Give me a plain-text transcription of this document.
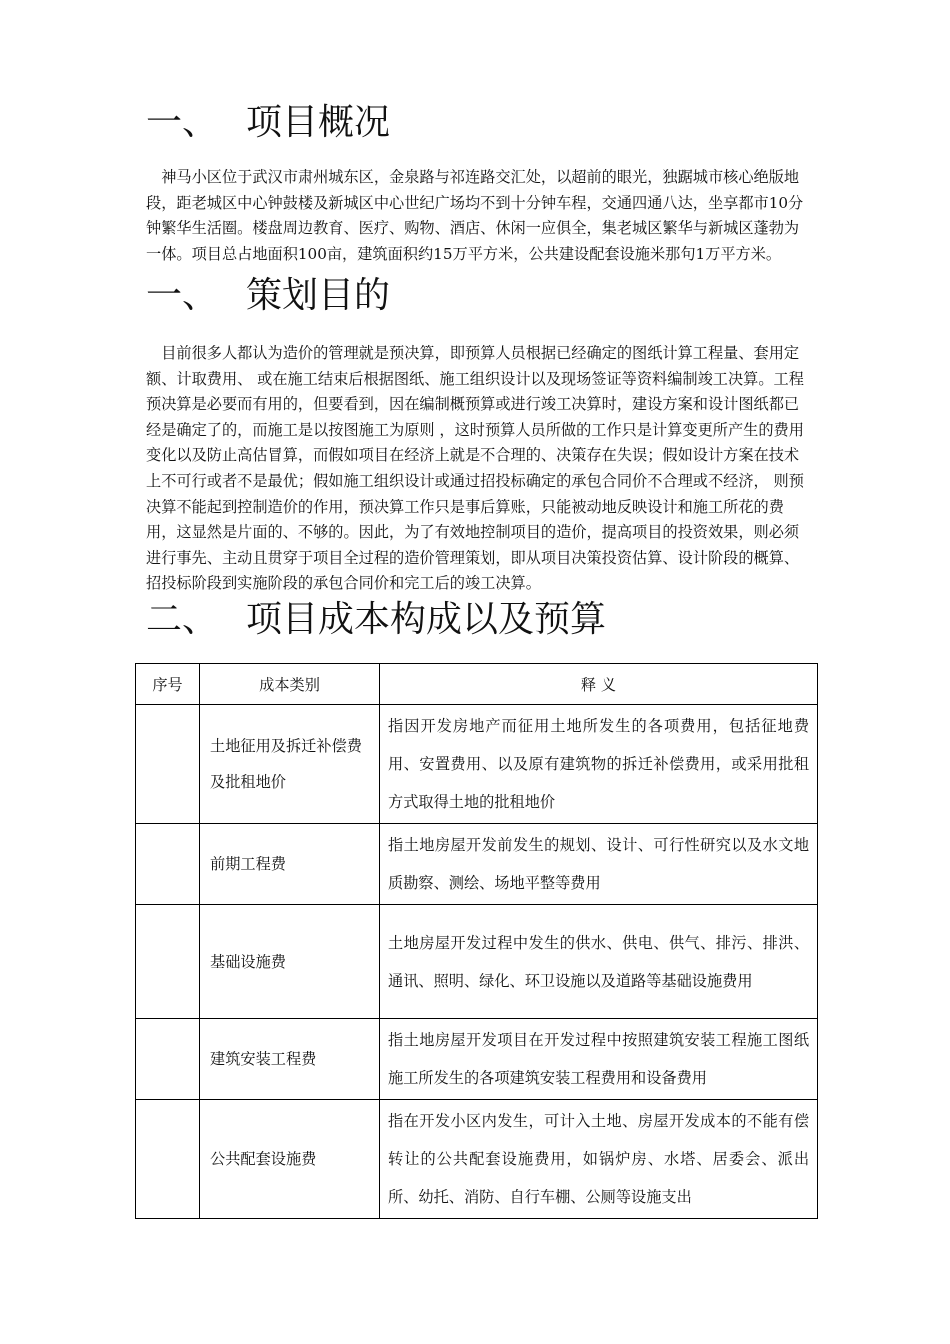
一、 项目概况

神马小区位于武汉市肃州城东区，金泉路与祁连路交汇处，以超前的眼光，独踞城市核心绝版地段，距老城区中心钟鼓楼及新城区中心世纪广场均不到十分钟车程，交通四通八达，坐享都市10分钟繁华生活圈。楼盘周边教育、医疗、购物、酒店、休闲一应俱全，集老城区繁华与新城区蓬勃为一体。项目总占地面积100亩，建筑面积约15万平方米，公共建设配套设施米那句1万平方米。

一、 策划目的

目前很多人都认为造价的管理就是预决算，即预算人员根据已经确定的图纸计算工程量、套用定额、计取费用、 或在施工结束后根据图纸、施工组织设计以及现场签证等资料编制竣工决算。工程预决算是必要而有用的，但要看到，因在编制概预算或进行竣工决算时，建设方案和设计图纸都已经是确定了的，而施工是以按图施工为原则 ，这时预算人员所做的工作只是计算变更所产生的费用变化以及防止高估冒算，而假如项目在经济上就是不合理的、决策存在失误；假如设计方案在技术上不可行或者不是最优；假如施工组织设计或通过招投标确定的承包合同价不合理或不经济， 则预决算不能起到控制造价的作用，预决算工作只是事后算账，只能被动地反映设计和施工所花的费用，这显然是片面的、不够的。因此，为了有效地控制项目的造价，提高项目的投资效果，则必须进行事先、主动且贯穿于项目全过程的造价管理策划，即从项目决策投资估算、设计阶段的概算、招投标阶段到实施阶段的承包合同价和完工后的竣工决算。

二、 项目成本构成以及预算
序号	成本类别	释 义
	土地征用及拆迁补偿费及批租地价	指因开发房地产而征用土地所发生的各项费用，包括征地费用、安置费用、以及原有建筑物的拆迁补偿费用，或采用批租方式取得土地的批租地价
	前期工程费	指土地房屋开发前发生的规划、设计、可行性研究以及水文地质勘察、测绘、场地平整等费用
	基础设施费	土地房屋开发过程中发生的供水、供电、供气、排污、排洪、通讯、照明、绿化、环卫设施以及道路等基础设施费用
	建筑安装工程费	指土地房屋开发项目在开发过程中按照建筑安装工程施工图纸施工所发生的各项建筑安装工程费用和设备费用
	公共配套设施费	指在开发小区内发生，可计入土地、房屋开发成本的不能有偿转让的公共配套设施费用，如锅炉房、水塔、居委会、派出所、幼托、消防、自行车棚、公厕等设施支出
